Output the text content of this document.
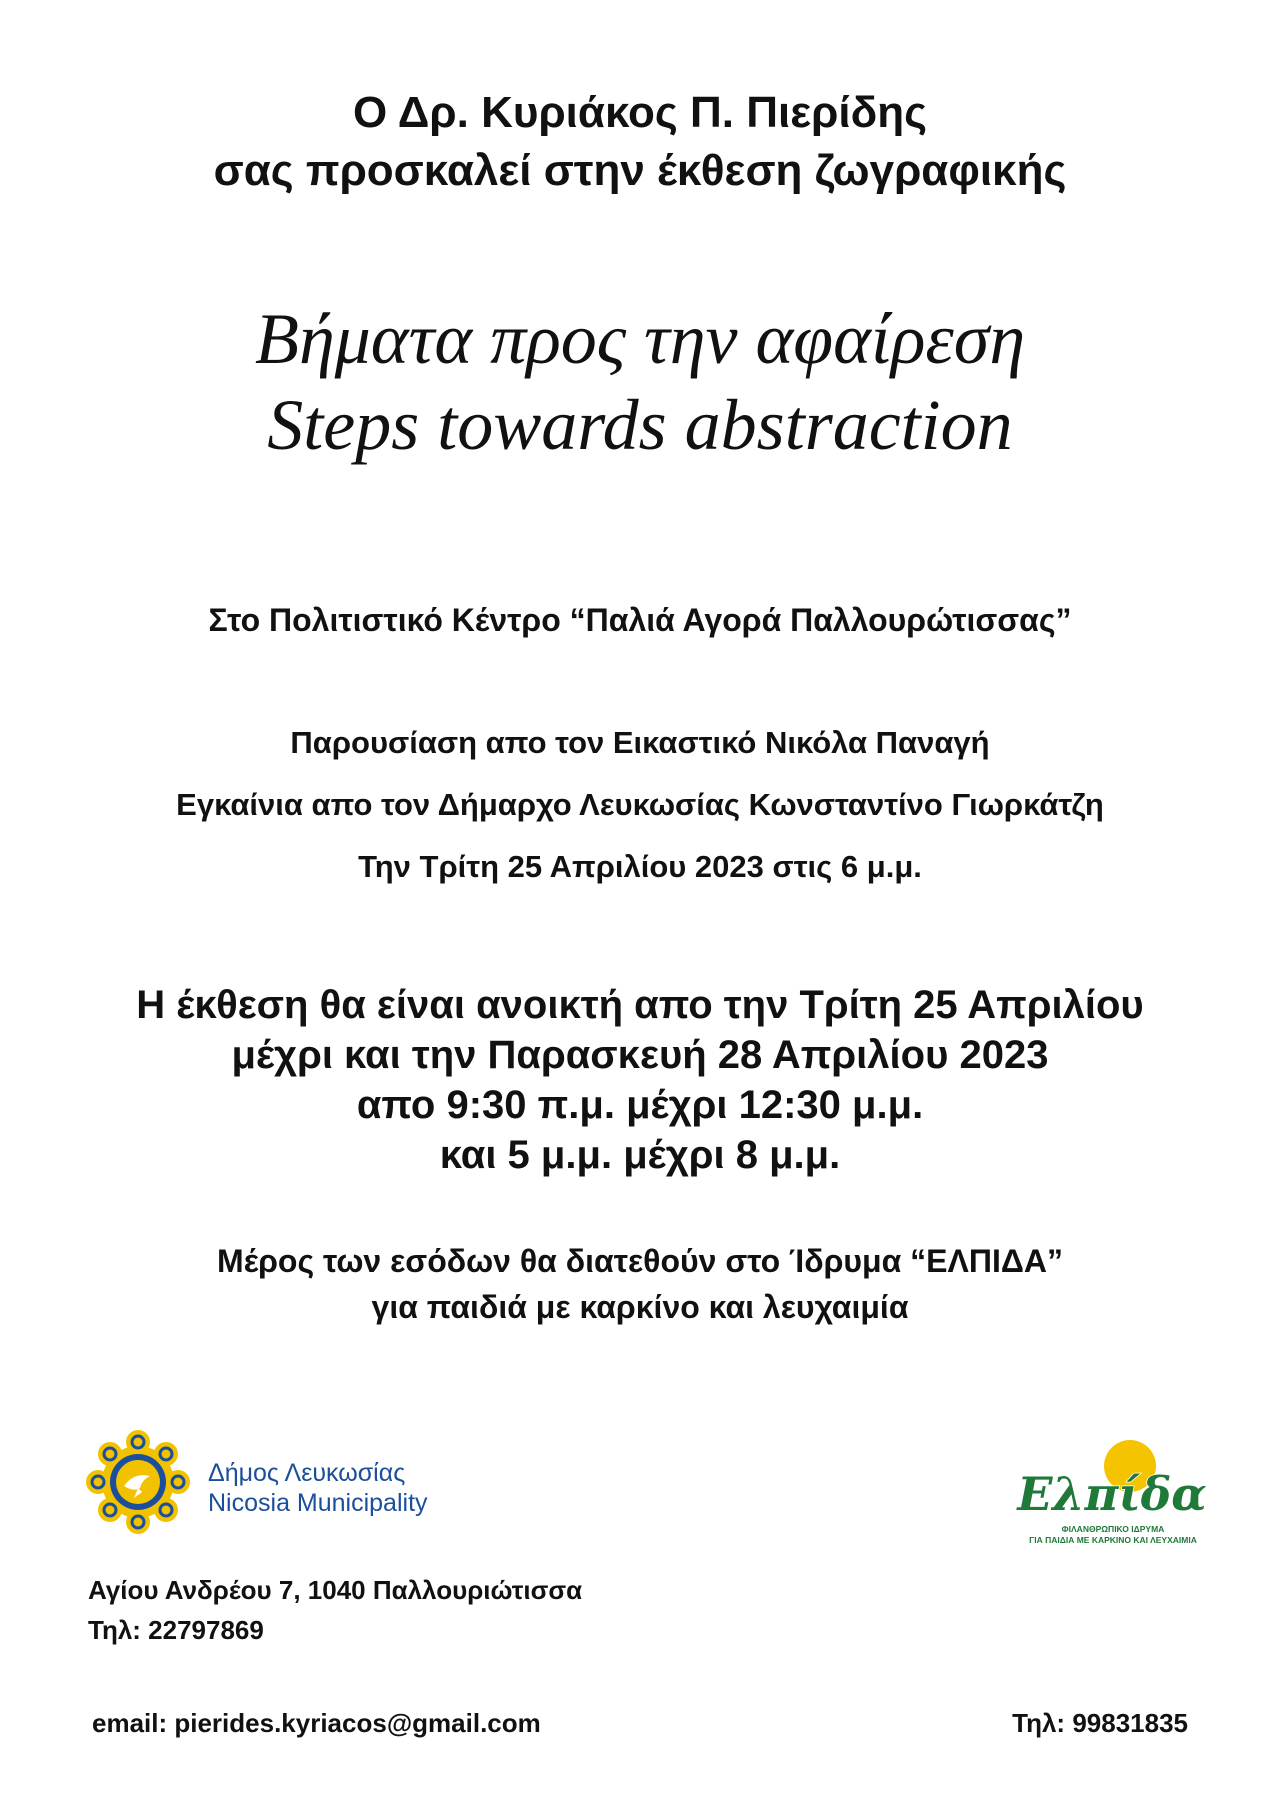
Ο Δρ. Κυριάκος Π. Πιερίδης
σας προσκαλεί στην έκθεση ζωγραφικής
Βήματα προς την αφαίρεση
Steps towards abstraction
Στο Πολιτιστικό Κέντρο “Παλιά Αγορά Παλλουρώτισσας”
Παρουσίαση απο τον Εικαστικό Νικόλα Παναγή
Εγκαίνια απο τον Δήμαρχο Λευκωσίας Κωνσταντίνο Γιωρκάτζη
Την Τρίτη 25 Απριλίου 2023 στις 6 μ.μ.
Η έκθεση θα είναι ανοικτή απο την Τρίτη 25 Απριλίου
μέχρι και την Παρασκευή 28 Απριλίου 2023
απο 9:30 π.μ. μέχρι 12:30 μ.μ.
και 5 μ.μ. μέχρι 8 μ.μ.
Μέρος των εσόδων θα διατεθούν στο Ίδρυμα “ΕΛΠΙΔΑ”
για παιδιά με καρκίνο και λευχαιμία
Δήμος Λευκωσίας
Nicosia Municipality	Ελπίδα
ΦΙΛΑΝΘΡΩΠΙΚΟ ΙΔΡΥΜΑ
ΓΙΑ ΠΑΙΔΙΑ ΜΕ ΚΑΡΚΙΝΟ ΚΑΙ ΛΕΥΧΑΙΜΙΑ
Αγίου Ανδρέου 7, 1040 Παλλουριώτισσα
Τηλ: 22797869
email: pierides.kyriacos@gmail.com	Τηλ: 99831835
